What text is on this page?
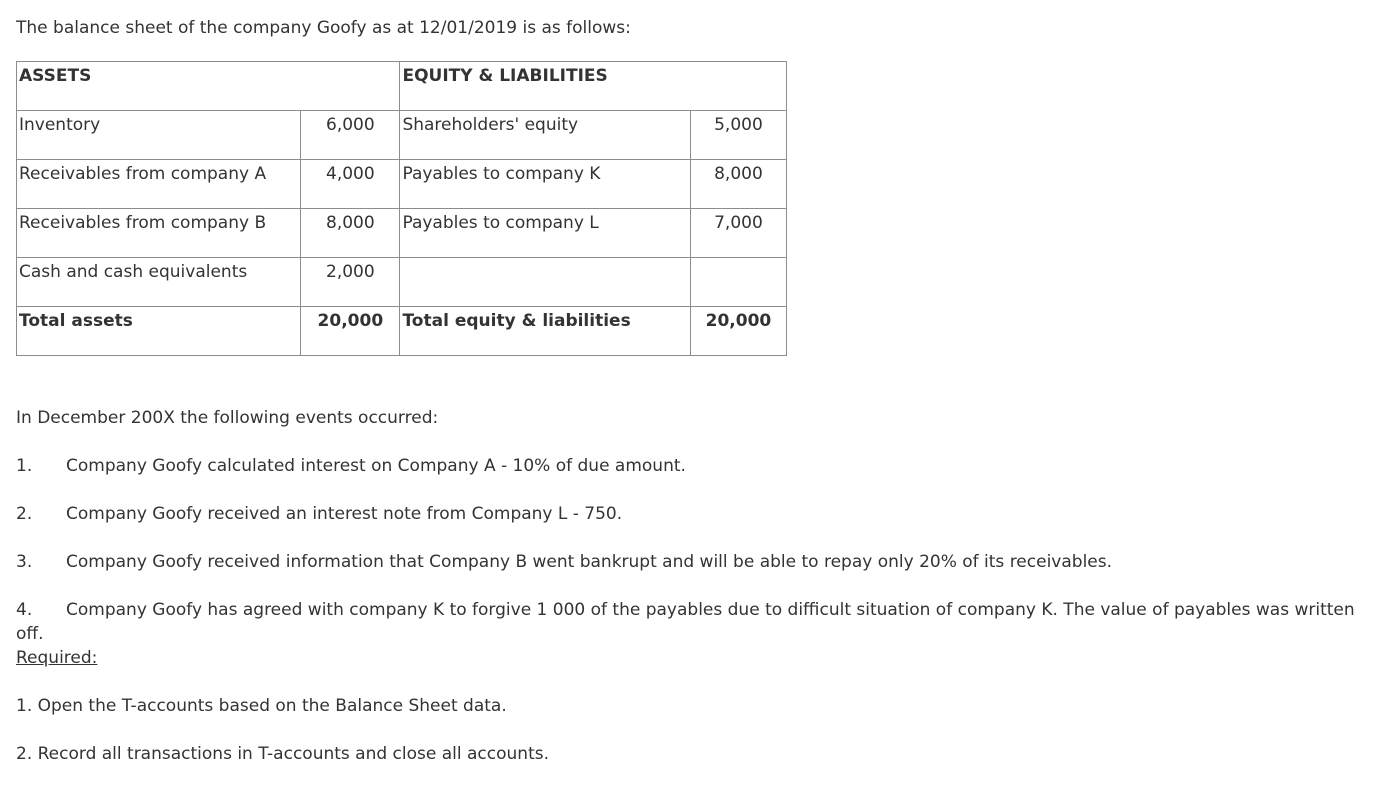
The balance sheet of the company Goofy as at 12/01/2019 is as follows:

ASSETS		EQUITY & LIABILITIES	
Inventory	6,000	Shareholders' equity	5,000
Receivables from company A	4,000	Payables to company K	8,000
Receivables from company B	8,000	Payables to company L	7,000
Cash and cash equivalents	2,000		
Total assets	20,000	Total equity & liabilities	20,000

In December 200X the following events occurred:

1. Company Goofy calculated interest on Company A - 10% of due amount.

2. Company Goofy received an interest note from Company L - 750.

3. Company Goofy received information that Company B went bankrupt and will be able to repay only 20% of its receivables.

4. Company Goofy has agreed with company K to forgive 1 000 of the payables due to difficult situation of company K. The value of payables was written off.

Required:

1. Open the T-accounts based on the Balance Sheet data.

2. Record all transactions in T-accounts and close all accounts.
